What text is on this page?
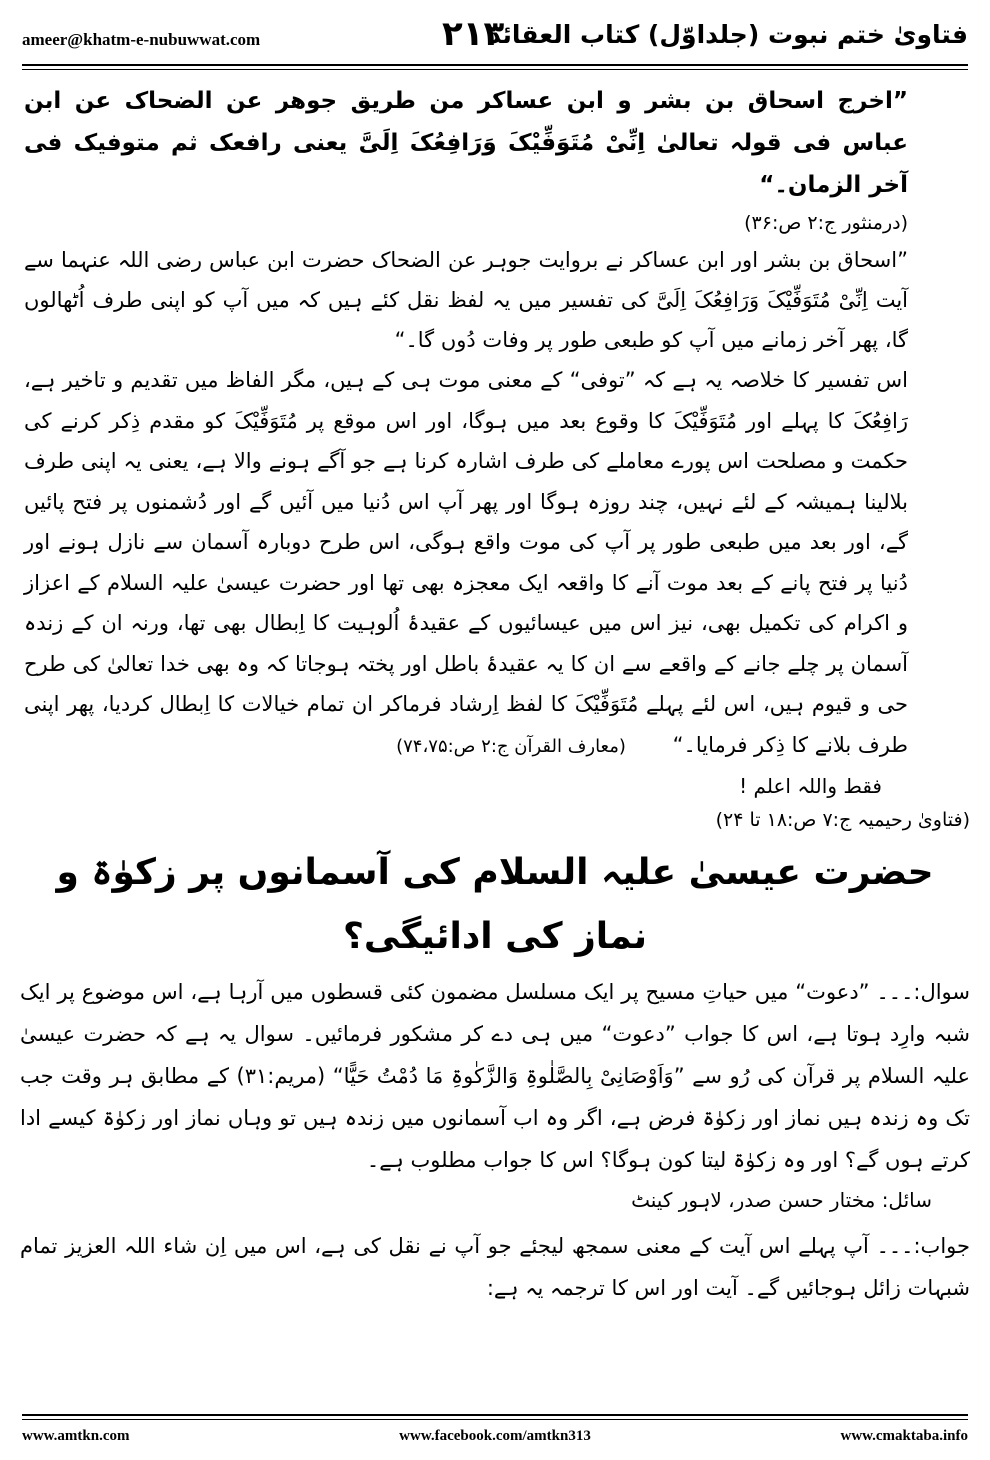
ameer@khatm-e-nubuwwat.com	۲۱۳
فتاویٰ ختم نبوت (جلداوّل) کتاب العقائد
”اخرج اسحاق بن بشر و ابن عساکر من طریق جوھر عن الضحاک عن ابن عباس فی قولہ تعالیٰ اِنِّیْ مُتَوَفِّیْکَ وَرَافِعُکَ اِلَیَّ یعنی رافعک ثم متوفیک فی آخر الزمان۔“
(درمنثور ج:۲ ص:۳۶)
”اسحاق بن بشر اور ابن عساکر نے بروایت جوہر عن الضحاک حضرت ابن عباس رضی اللہ عنہما سے آیت اِنِّیْ مُتَوَفِّیْکَ وَرَافِعُکَ اِلَیَّ کی تفسیر میں یہ لفظ نقل کئے ہیں کہ میں آپ کو اپنی طرف اُٹھالوں گا، پھر آخر زمانے میں آپ کو طبعی طور پر وفات دُوں گا۔“
اس تفسیر کا خلاصہ یہ ہے کہ ”توفی“ کے معنی موت ہی کے ہیں، مگر الفاظ میں تقدیم و تاخیر ہے، رَافِعُکَ کا پہلے اور مُتَوَفِّیْکَ کا وقوع بعد میں ہوگا، اور اس موقع پر مُتَوَفِّیْکَ کو مقدم ذِکر کرنے کی حکمت و مصلحت اس پورے معاملے کی طرف اشارہ کرنا ہے جو آگے ہونے والا ہے، یعنی یہ اپنی طرف بلالینا ہمیشہ کے لئے نہیں، چند روزہ ہوگا اور پھر آپ اس دُنیا میں آئیں گے اور دُشمنوں پر فتح پائیں گے، اور بعد میں طبعی طور پر آپ کی موت واقع ہوگی، اس طرح دوبارہ آسمان سے نازل ہونے اور دُنیا پر فتح پانے کے بعد موت آنے کا واقعہ ایک معجزہ بھی تھا اور حضرت عیسیٰ علیہ السلام کے اعزاز و اکرام کی تکمیل بھی، نیز اس میں عیسائیوں کے عقیدۂ اُلوہیت کا اِبطال بھی تھا، ورنہ ان کے زندہ آسمان پر چلے جانے کے واقعے سے ان کا یہ عقیدۂ باطل اور پختہ ہوجاتا کہ وہ بھی خدا تعالیٰ کی طرح حی و قیوم ہیں، اس لئے پہلے مُتَوَفِّیْکَ کا لفظ اِرشاد فرماکر ان تمام خیالات کا اِبطال کردیا، پھر اپنی طرف بلانے کا ذِکر فرمایا۔“       (معارف القرآن ج:۲ ص:۷۴،۷۵)
فقط واللہ اعلم !
(فتاویٰ رحیمیہ ج:۷ ص:۱۸ تا ۲۴)
حضرت عیسیٰ علیہ السلام کی آسمانوں پر زکوٰۃ و نماز کی ادائیگی؟
سوال:۔۔۔ ”دعوت“ میں حیاتِ مسیح پر ایک مسلسل مضمون کئی قسطوں میں آرہا ہے، اس موضوع پر ایک شبہ وارِد ہوتا ہے، اس کا جواب ”دعوت“ میں ہی دے کر مشکور فرمائیں۔ سوال یہ ہے کہ حضرت عیسیٰ علیہ السلام پر قرآن کی رُو سے ”وَاَوْصَانِیْ بِالصَّلٰوۃِ وَالزَّکٰوۃِ مَا دُمْتُ حَیًّا“ (مریم:۳۱) کے مطابق ہر وقت جب تک وہ زندہ ہیں نماز اور زکوٰۃ فرض ہے، اگر وہ اب آسمانوں میں زندہ ہیں تو وہاں نماز اور زکوٰۃ کیسے ادا کرتے ہوں گے؟ اور وہ زکوٰۃ لیتا کون ہوگا؟ اس کا جواب مطلوب ہے۔
سائل: مختار حسن صدر، لاہور کینٹ
جواب:۔۔۔ آپ پہلے اس آیت کے معنی سمجھ لیجئے جو آپ نے نقل کی ہے، اس میں اِن شاء اللہ العزیز تمام شبہات زائل ہوجائیں گے۔ آیت اور اس کا ترجمہ یہ ہے:
www.amtkn.com	www.facebook.com/amtkn313	www.cmaktaba.info
